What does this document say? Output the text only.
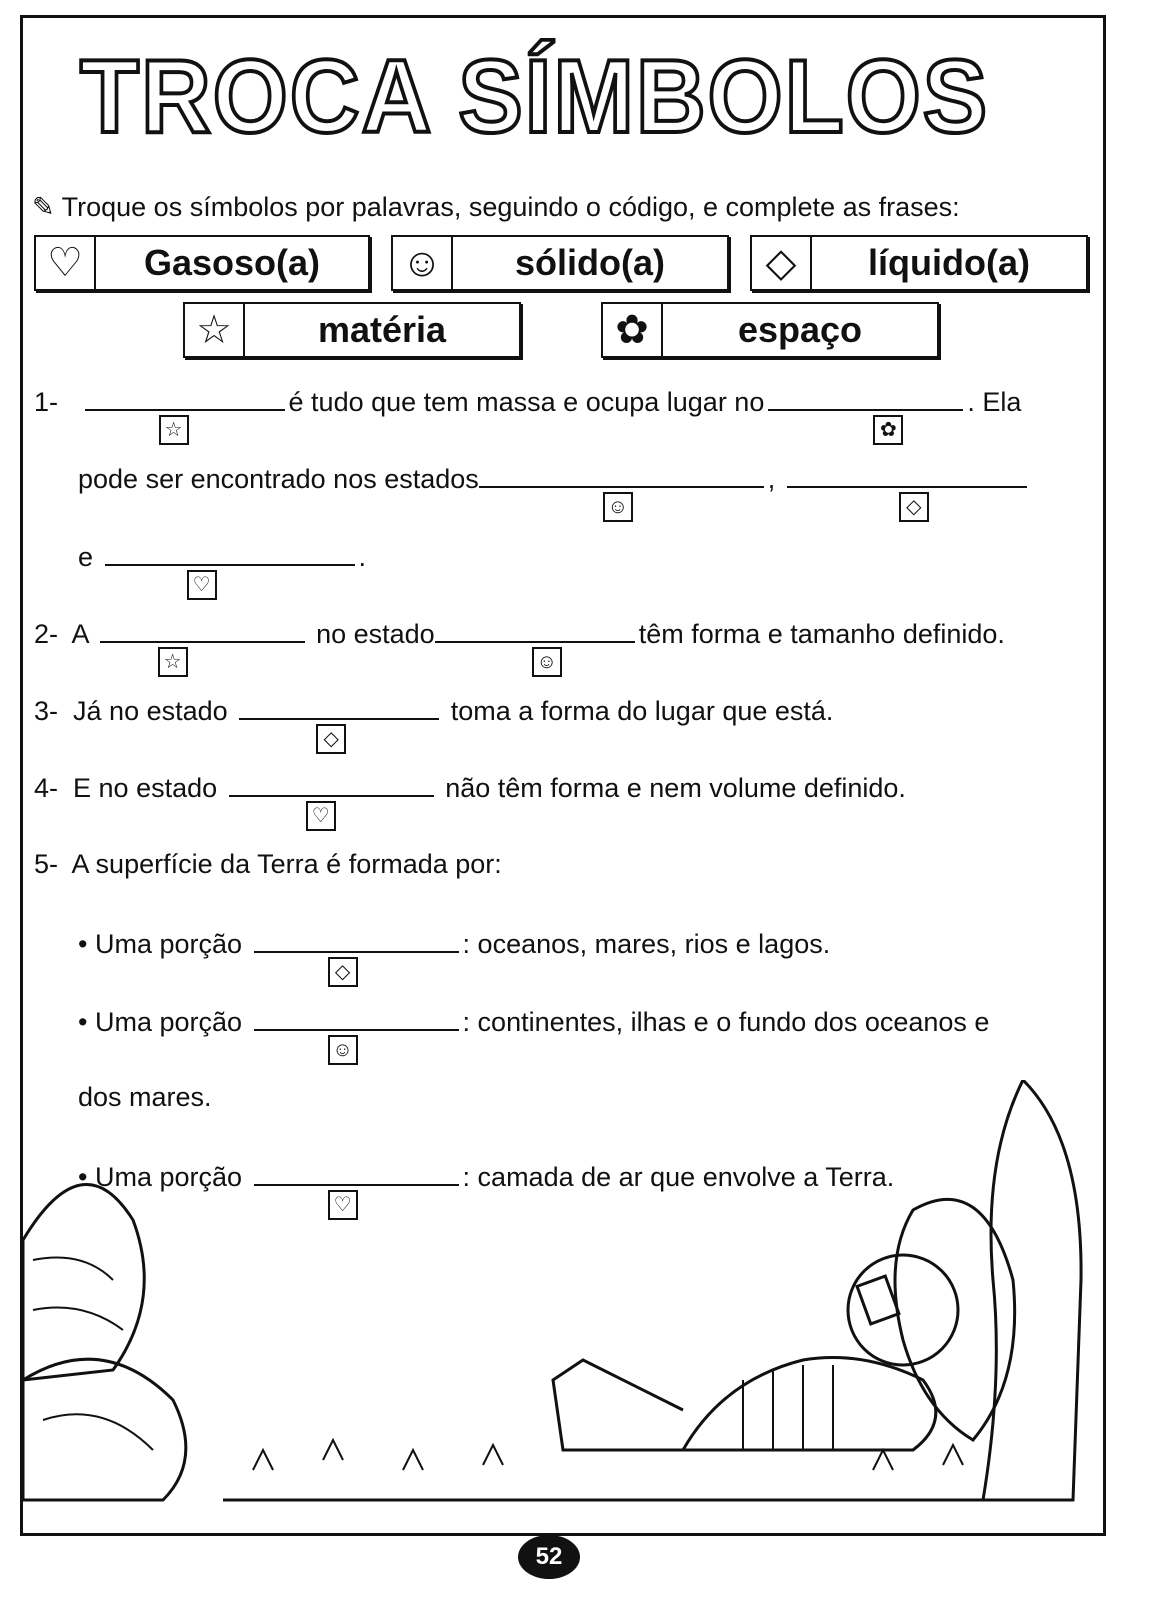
TROCA SÍMBOLOS
✎ Troque os símbolos por palavras, seguindo o código, e complete as frases:
♡	Gasoso(a)	☺	sólido(a)	◇	líquido(a)
☆	matéria	✿	espaço
1-
☆
é tudo que tem massa e ocupa lugar no
✿
. Ela
pode ser encontrado nos estados
☺
,
◇
e
♡
.
2- A
☆
no estado
☺
têm forma e tamanho definido.
3- Já no estado
◇
toma a forma do lugar que está.
4- E no estado
♡
não têm forma e nem volume definido.
5- A superfície da Terra é formada por:
• Uma porção
◇
: oceanos, mares, rios e lagos.
• Uma porção
☺
: continentes, ilhas e o fundo dos oceanos e
dos mares.
• Uma porção
♡
: camada de ar que envolve a Terra.
52
